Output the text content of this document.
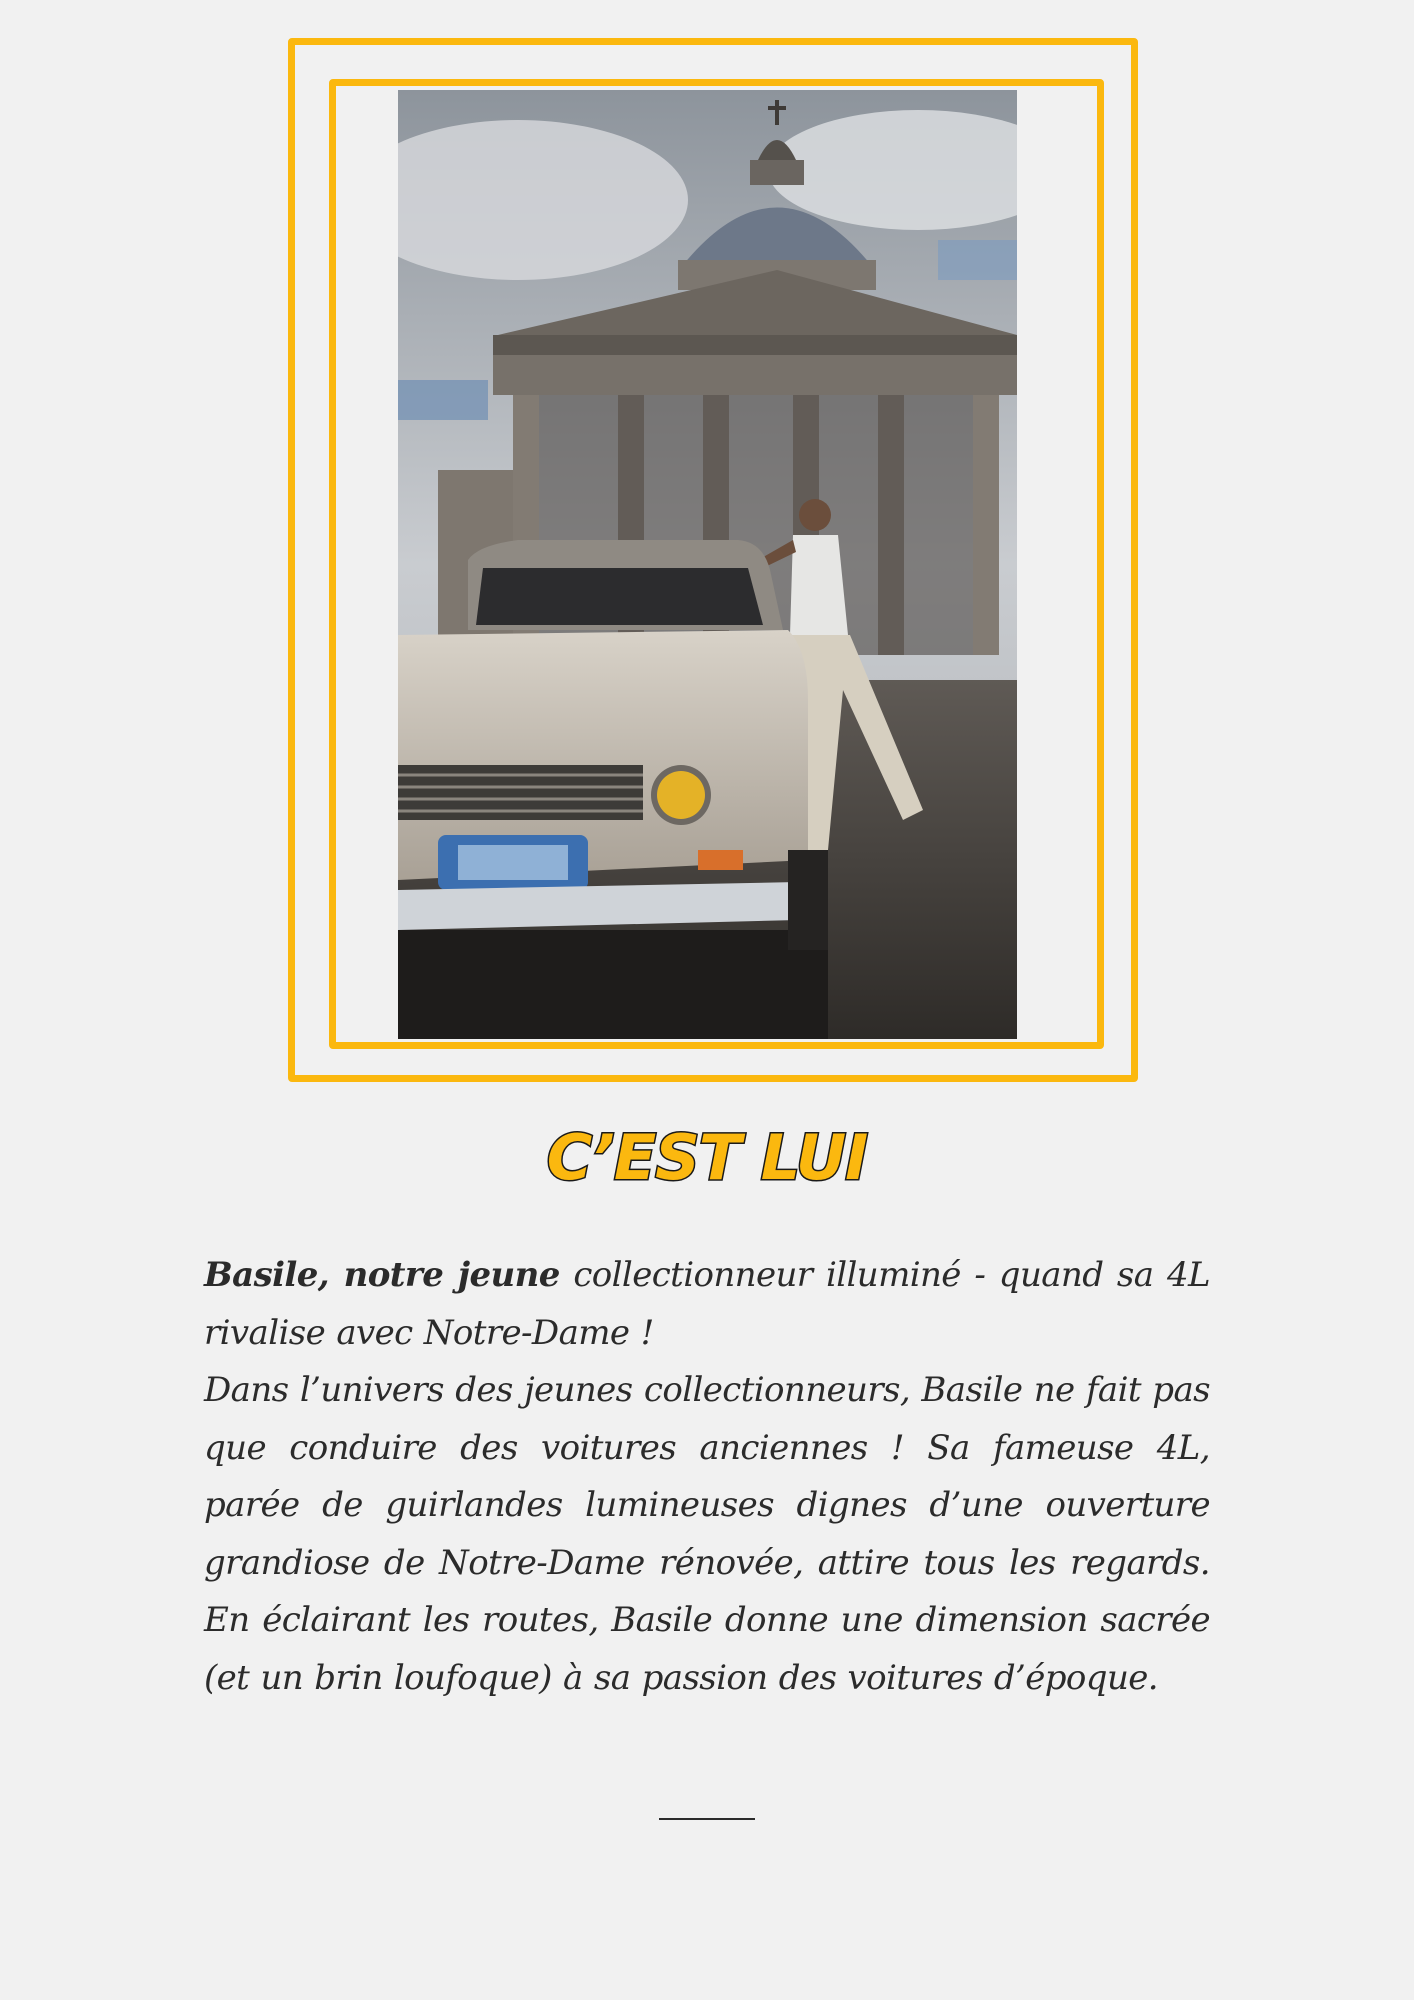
C’EST LUI

Basile, notre jeune collectionneur illuminé - quand sa 4L rivalise avec Notre-Dame !

Dans l’univers des jeunes collectionneurs, Basile ne fait pas que conduire des voitures anciennes ! Sa fameuse 4L, parée de guirlandes lumineuses dignes d’une ouverture grandiose de Notre-Dame rénovée, attire tous les regards. En éclairant les routes, Basile donne une dimension sacrée (et un brin loufoque) à sa passion des voitures d’époque.
